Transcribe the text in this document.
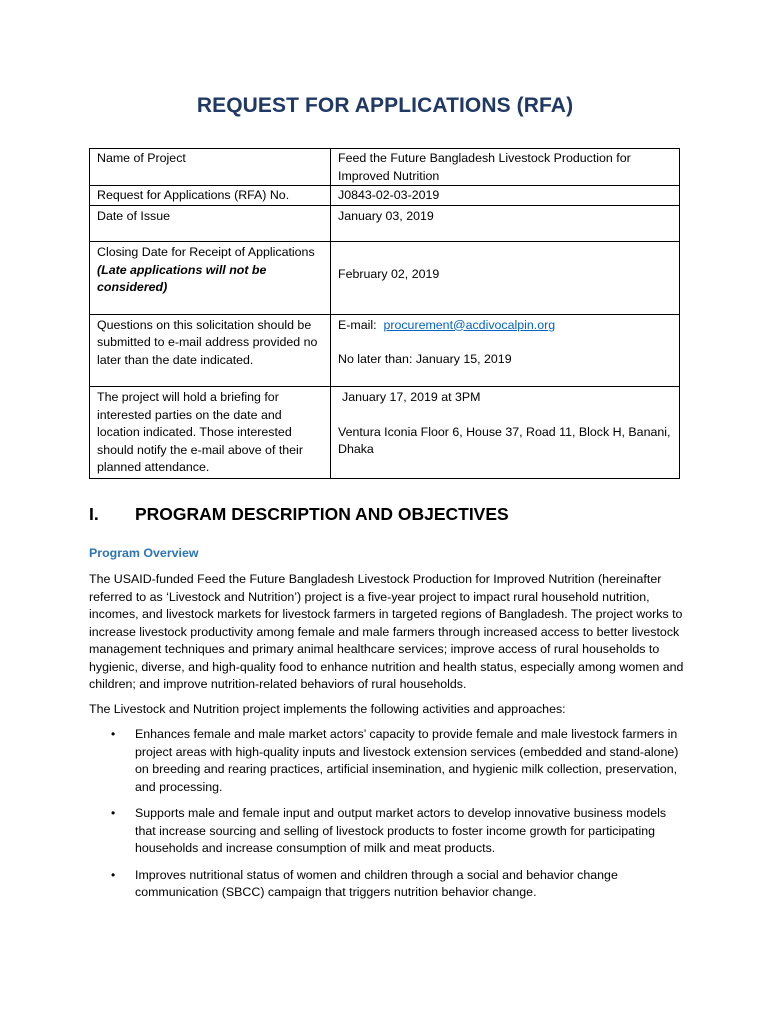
REQUEST FOR APPLICATIONS (RFA)
Name of Project	Feed the Future Bangladesh Livestock Production for Improved Nutrition
Request for Applications (RFA) No.	J0843-02-03-2019
Date of Issue	January 03, 2019

Closing Date for Receipt of Applications
(Late applications will not be considered)	February 02, 2019
Questions on this solicitation should be submitted to e-mail address provided no later than the date indicated.	E-mail: procurement@acdivocalpin.org
No later than: January 15, 2019

The project will hold a briefing for interested parties on the date and location indicated. Those interested should notify the e-mail above of their planned attendance.	January 17, 2019 at 3PM
Ventura Iconia Floor 6, House 37, Road 11, Block H, Banani, Dhaka
I. PROGRAM DESCRIPTION AND OBJECTIVES
Program Overview

The USAID-funded Feed the Future Bangladesh Livestock Production for Improved Nutrition (hereinafter referred to as ‘Livestock and Nutrition’) project is a five-year project to impact rural household nutrition, incomes, and livestock markets for livestock farmers in targeted regions of Bangladesh. The project works to increase livestock productivity among female and male farmers through increased access to better livestock management techniques and primary animal healthcare services; improve access of rural households to hygienic, diverse, and high-quality food to enhance nutrition and health status, especially among women and children; and improve nutrition-related behaviors of rural households.

The Livestock and Nutrition project implements the following activities and approaches:

• Enhances female and male market actors’ capacity to provide female and male livestock farmers in project areas with high-quality inputs and livestock extension services (embedded and stand-alone) on breeding and rearing practices, artificial insemination, and hygienic milk collection, preservation, and processing.
• Supports male and female input and output market actors to develop innovative business models that increase sourcing and selling of livestock products to foster income growth for participating households and increase consumption of milk and meat products.
• Improves nutritional status of women and children through a social and behavior change communication (SBCC) campaign that triggers nutrition behavior change.
